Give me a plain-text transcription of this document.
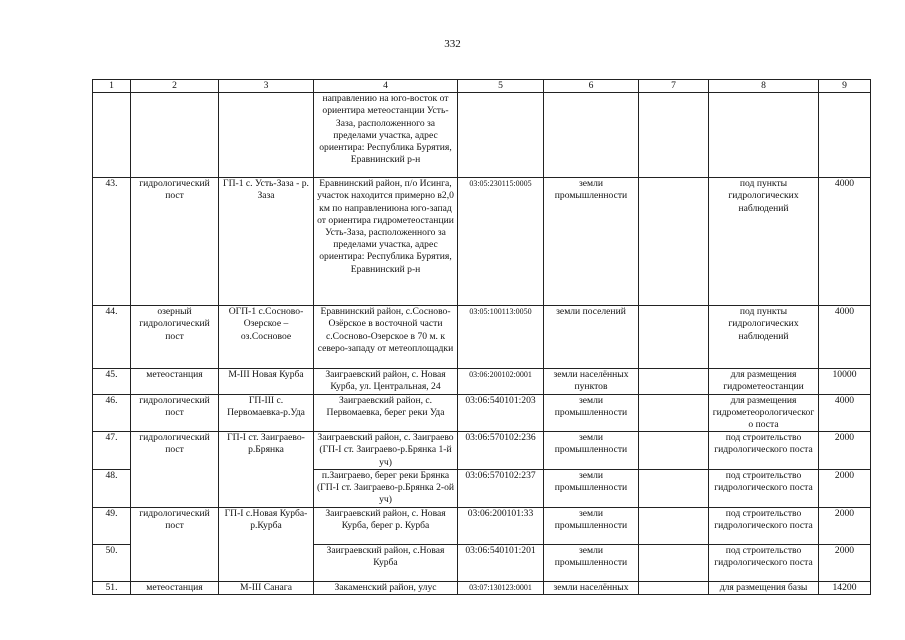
332
1	2	3	4	5	6	7	8	9
			направлению на юго-восток от ориентира метеостанции Усть-Заза, расположенного за пределами участка, адрес ориентира: Республика Бурятия, Еравнинский р-н					
43.	гидрологический пост	ГП-1 с. Усть-Заза - р. Заза	Еравнинский район, п/о Исинга, участок находится примерно в2,0 км по направлениюна юго-запад от ориентира гидрометеостанции Усть-Заза, расположенного за пределами участка, адрес ориентира: Республика Бурятия, Еравнинский р-н	03:05:230115:0005	земли промышленности		под пункты гидрологических наблюдений	4000
44.	озерный гидрологический пост	ОГП-1 с.Сосново-Озерское – оз.Сосновое	Еравнинский район, с.Сосново-Озёрское в восточной части с.Сосново-Озерское в 70 м. к северо-западу от метеоплощадки	03:05:100113:0050	земли поселений		под пункты гидрологических наблюдений	4000
45.	метеостанция	М-III Новая Курба	Заиграевский район, с. Новая Курба, ул. Центральная, 24	03:06:200102:0001	земли населённых пунктов		для размещения гидрометеостанции	10000
46.	гидрологический пост	ГП-III с. Первомаевка-р.Уда	Заиграевский район, с. Первомаевка, берег реки Уда	03:06:540101:203	земли промышленности		для размещения гидрометеорологического поста	4000
47.	гидрологический пост	ГП-I ст. Заиграево-р.Брянка	Заиграевский район, с. Заиграево (ГП-I ст. Заиграево-р.Брянка 1-й уч)	03:06:570102:236	земли промышленности		под строительство гидрологического поста	2000
48.			п.Заиграево, берег реки Брянка (ГП-I ст. Заиграево-р.Брянка 2-ой уч)	03:06:570102:237	земли промышленности		под строительство гидрологического поста	2000
49.	гидрологический пост	ГП-I с.Новая Курба-р.Курба	Заиграевский район, с. Новая Курба, берег р. Курба	03:06:200101:33	земли промышленности		под строительство гидрологического поста	2000
50.			Заиграевский район, с.Новая Курба	03:06:540101:201	земли промышленности		под строительство гидрологического поста	2000
51.	метеостанция	М-III Санага	Закаменский район, улус	03:07:130123:0001	земли населённых		для размещения базы	14200
